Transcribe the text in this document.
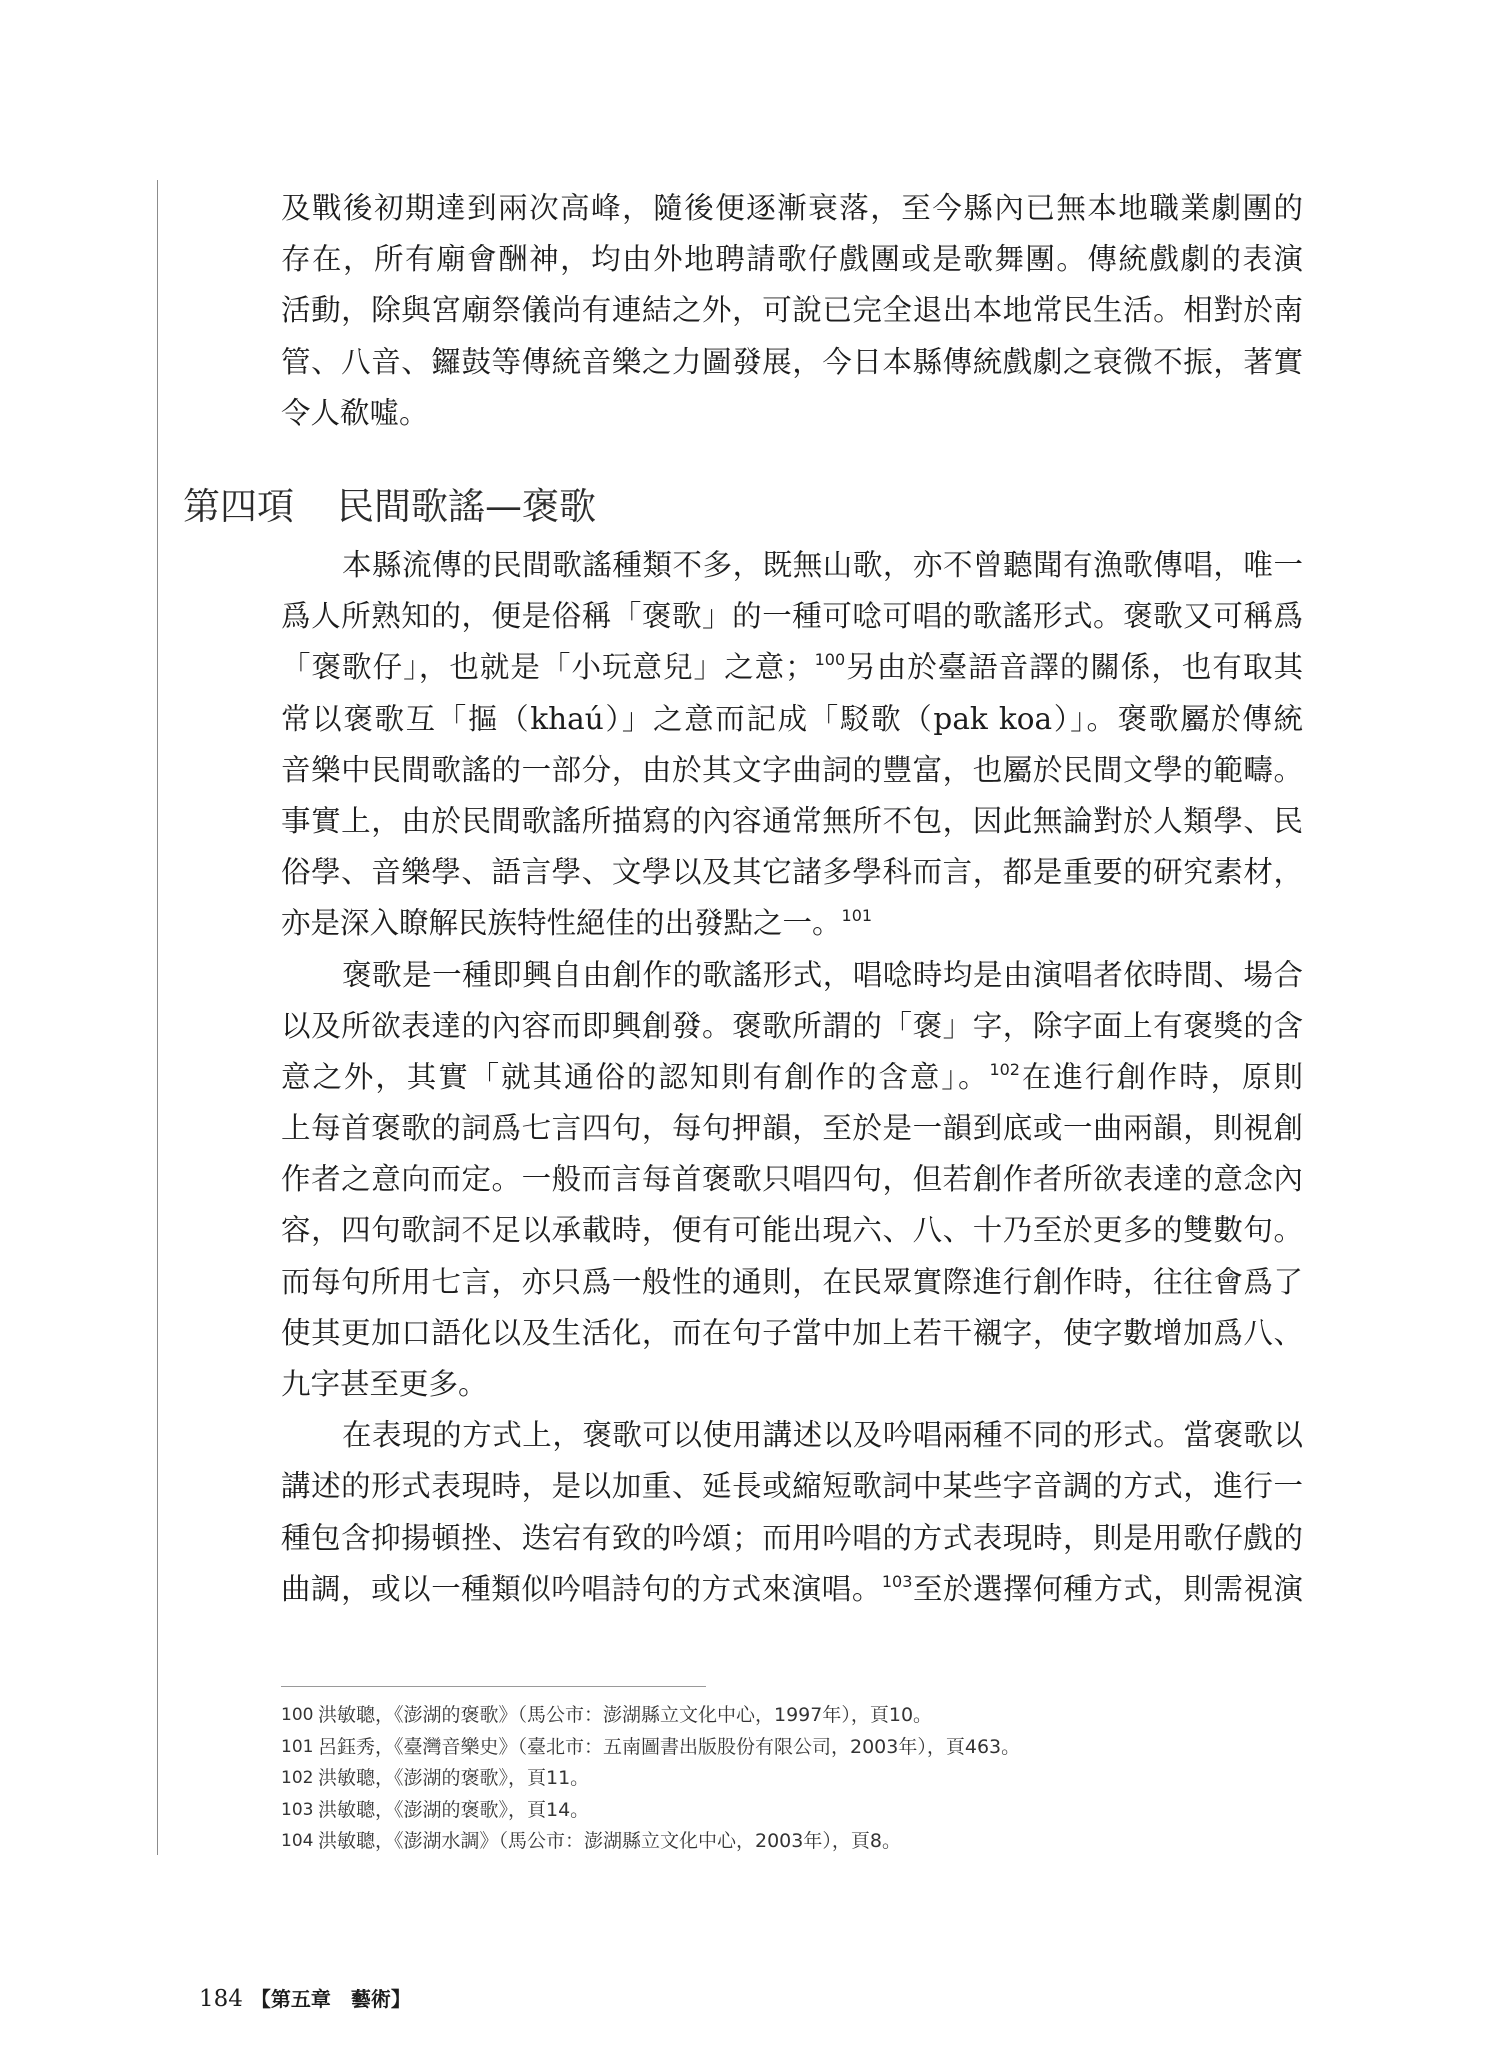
及戰後初期達到兩次高峰，隨後便逐漸衰落，至今縣內已無本地職業劇團的
存在，所有廟會酬神，均由外地聘請歌仔戲團或是歌舞團。傳統戲劇的表演
活動，除與宮廟祭儀尚有連結之外，可說已完全退出本地常民生活。相對於南
管、八音、鑼鼓等傳統音樂之力圖發展，今日本縣傳統戲劇之衰微不振，著實
令人欷噓。
第四項 民間歌謠—褒歌
本縣流傳的民間歌謠種類不多，既無山歌，亦不曾聽聞有漁歌傳唱，唯一
爲人所熟知的，便是俗稱「褒歌」的一種可唸可唱的歌謠形式。褒歌又可稱爲
「褒歌仔」，也就是「小玩意兒」之意；$^{100}$另由於臺語音譯的關係，也有取其
常以褒歌互「摳（khaú）」之意而記成「駁歌（pak koa）」。褒歌屬於傳統
音樂中民間歌謠的一部分，由於其文字曲詞的豐富，也屬於民間文學的範疇。
事實上，由於民間歌謠所描寫的內容通常無所不包，因此無論對於人類學、民
俗學、音樂學、語言學、文學以及其它諸多學科而言，都是重要的研究素材，
亦是深入瞭解民族特性絕佳的出發點之一。$^{101}$
褒歌是一種即興自由創作的歌謠形式，唱唸時均是由演唱者依時間、場合
以及所欲表達的內容而即興創發。褒歌所謂的「褒」字，除字面上有褒獎的含
意之外，其實「就其通俗的認知則有創作的含意」。$^{102}$在進行創作時，原則
上每首褒歌的詞爲七言四句，每句押韻，至於是一韻到底或一曲兩韻，則視創
作者之意向而定。一般而言每首褒歌只唱四句，但若創作者所欲表達的意念內
容，四句歌詞不足以承載時，便有可能出現六、八、十乃至於更多的雙數句。
而每句所用七言，亦只爲一般性的通則，在民眾實際進行創作時，往往會爲了
使其更加口語化以及生活化，而在句子當中加上若干襯字，使字數增加爲八、
九字甚至更多。
在表現的方式上，褒歌可以使用講述以及吟唱兩種不同的形式。當褒歌以
講述的形式表現時，是以加重、延長或縮短歌詞中某些字音調的方式，進行一
種包含抑揚頓挫、迭宕有致的吟頌；而用吟唱的方式表現時，則是用歌仔戲的
曲調，或以一種類似吟唱詩句的方式來演唱。$^{103}$至於選擇何種方式，則需視演
100 洪敏聰，《澎湖的褒歌》（馬公市：澎湖縣立文化中心，1997年），頁10。
101 呂鈺秀，《臺灣音樂史》（臺北市：五南圖書出版股份有限公司，2003年），頁463。
102 洪敏聰，《澎湖的褒歌》，頁11。
103 洪敏聰，《澎湖的褒歌》，頁14。
104 洪敏聰，《澎湖水調》（馬公市：澎湖縣立文化中心，2003年），頁8。
184 【第五章　藝術】
